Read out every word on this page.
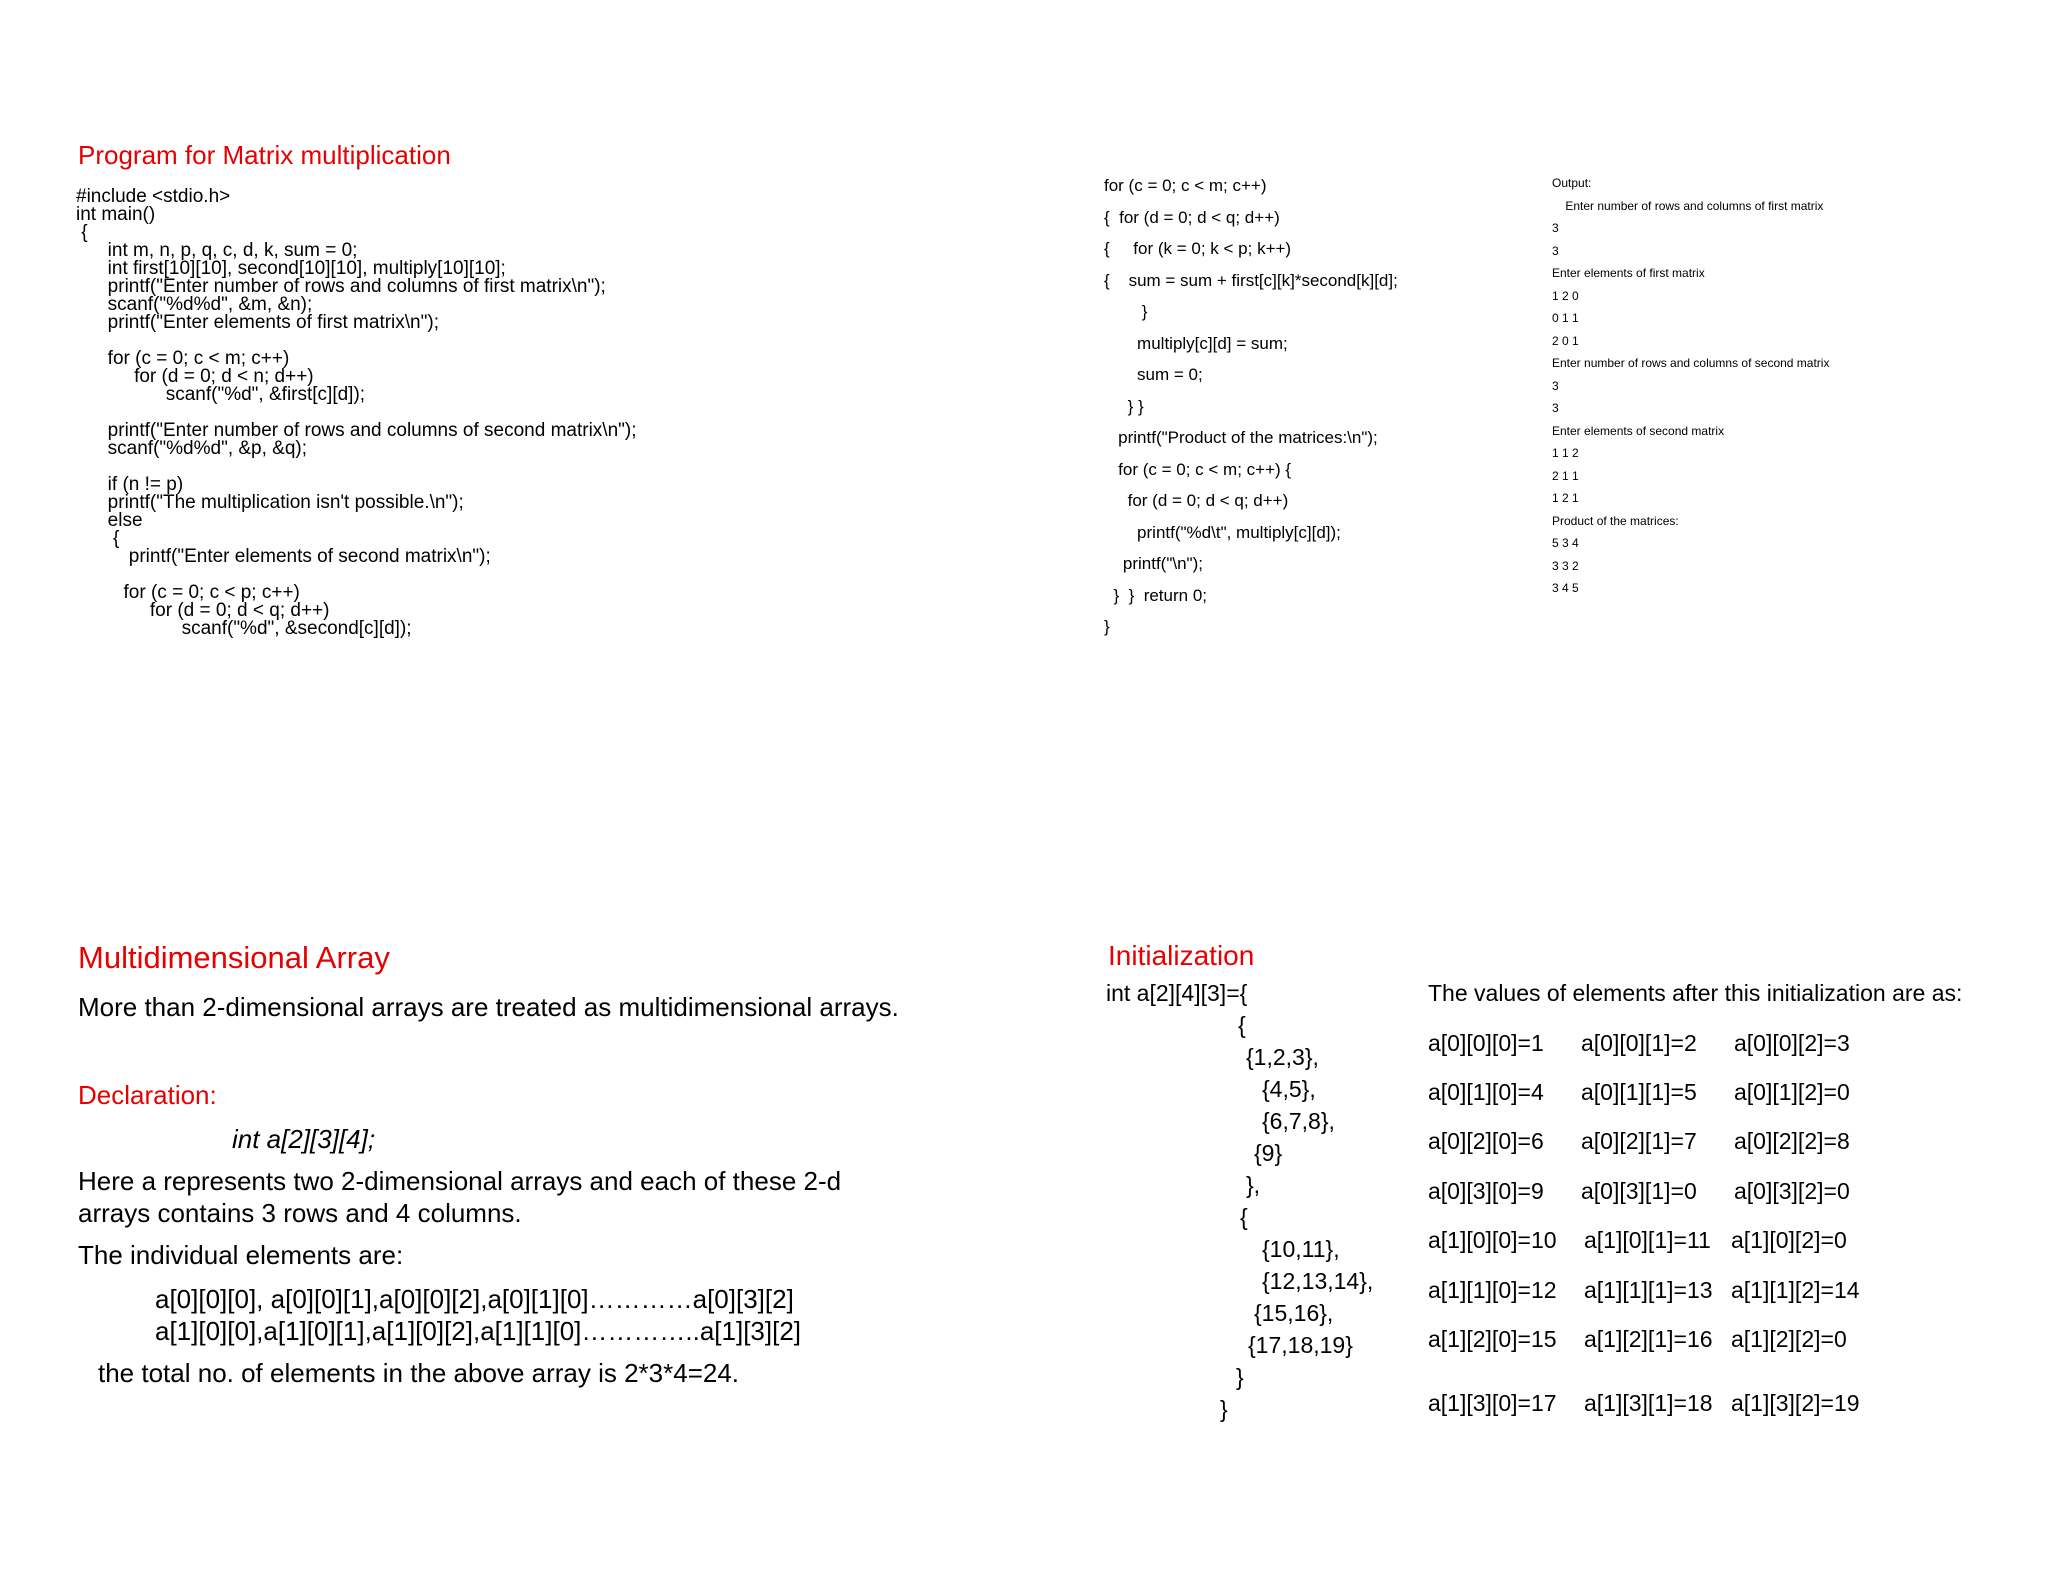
Program for Matrix multiplication
#include <stdio.h>
int main()
{
int m, n, p, q, c, d, k, sum = 0;
int first[10][10], second[10][10], multiply[10][10];
printf("Enter number of rows and columns of first matrix\n");
scanf("%d%d", &m, &n);
printf("Enter elements of first matrix\n");
for (c = 0; c < m; c++)
for (d = 0; d < n; d++)
scanf("%d", &first[c][d]);
printf("Enter number of rows and columns of second matrix\n");
scanf("%d%d", &p, &q);
if (n != p)
printf("The multiplication isn't possible.\n");
else
{
printf("Enter elements of second matrix\n");
for (c = 0; c < p; c++)
for (d = 0; d < q; d++)
scanf("%d", &second[c][d]);
for (c = 0; c < m; c++)
{  for (d = 0; d < q; d++)
{     for (k = 0; k < p; k++)
{    sum = sum + first[c][k]*second[k][d];
}
multiply[c][d] = sum;
sum = 0;
} }
printf("Product of the matrices:\n");
for (c = 0; c < m; c++) {
for (d = 0; d < q; d++)
printf("%d\t", multiply[c][d]);
printf("\n");
}  }  return 0;
}
Output:
Enter number of rows and columns of first matrix
3
3
Enter elements of first matrix
1 2 0
0 1 1
2 0 1
Enter number of rows and columns of second matrix
3
3
Enter elements of second matrix
1 1 2
2 1 1
1 2 1
Product of the matrices:
5 3 4
3 3 2
3 4 5
Multidimensional Array
More than 2-dimensional arrays are treated as multidimensional arrays.
Declaration:
int a[2][3][4];
Here a represents two 2-dimensional arrays and each of these 2-d
arrays contains 3 rows and 4 columns.
The individual elements are:
a[0][0][0], a[0][0][1],a[0][0][2],a[0][1][0]…………a[0][3][2]
a[1][0][0],a[1][0][1],a[1][0][2],a[1][1][0]…………..a[1][3][2]
the total no. of elements in the above array is 2*3*4=24.
Initialization
int a[2][4][3]={
{
{1,2,3},
{4,5},
{6,7,8},
{9}
},
{
{10,11},
{12,13,14},
{15,16},
{17,18,19}
}
}
The values of elements after this initialization are as:
a[0][0][0]=1 a[0][0][1]=2 a[0][0][2]=3
a[0][1][0]=4 a[0][1][1]=5 a[0][1][2]=0
a[0][2][0]=6 a[0][2][1]=7 a[0][2][2]=8
a[0][3][0]=9 a[0][3][1]=0 a[0][3][2]=0
a[1][0][0]=10 a[1][0][1]=11 a[1][0][2]=0
a[1][1][0]=12 a[1][1][1]=13 a[1][1][2]=14
a[1][2][0]=15 a[1][2][1]=16 a[1][2][2]=0
a[1][3][0]=17 a[1][3][1]=18 a[1][3][2]=19
